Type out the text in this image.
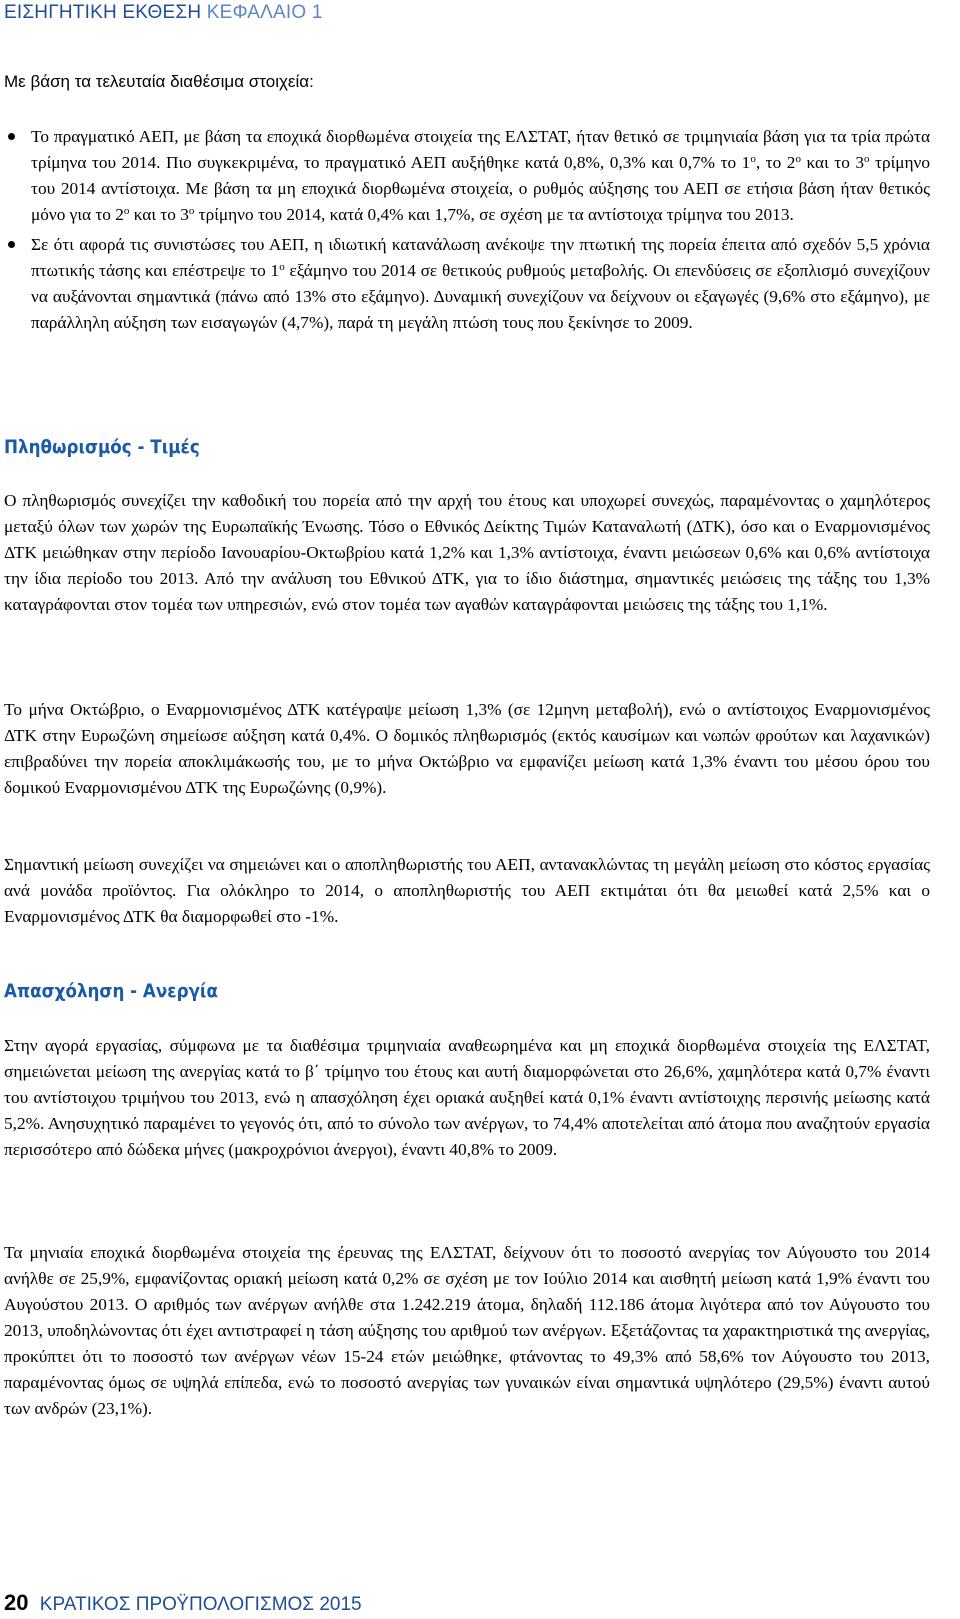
ΕΙΣΗΓΗΤΙΚΗ ΕΚΘΕΣΗ ΚΕΦΑΛΑΙΟ 1
Με βάση τα τελευταία διαθέσιμα στοιχεία:
Το πραγματικό ΑΕΠ, με βάση τα εποχικά διορθωμένα στοιχεία της ΕΛΣΤΑΤ, ήταν θετικό σε τριμηνιαία βάση για τα τρία πρώτα τρίμηνα του 2014. Πιο συγκεκριμένα, το πραγματικό ΑΕΠ αυξήθηκε κατά 0,8%, 0,3% και 0,7% το $1^o$, το $2^o$ και το $3^o$ τρίμηνο του 2014 αντίστοιχα. Με βάση τα μη εποχικά διορθωμένα στοιχεία, ο ρυθμός αύξησης του ΑΕΠ σε ετήσια βάση ήταν θετικός μόνο για το $2^o$ και το $3^o$ τρίμηνο του 2014, κατά 0,4% και 1,7%, σε σχέση με τα αντίστοιχα τρίμηνα του 2013.
Σε ότι αφορά τις συνιστώσες του ΑΕΠ, η ιδιωτική κατανάλωση ανέκοψε την πτωτική της πορεία έπειτα από σχεδόν 5,5 χρόνια πτωτικής τάσης και επέστρεψε το $1^o$ εξάμηνο του 2014 σε θετικούς ρυθμούς μεταβολής. Οι επενδύσεις σε εξοπλισμό συνεχίζουν να αυξάνονται σημαντικά (πάνω από 13% στο εξάμηνο). Δυναμική συνεχίζουν να δείχνουν οι εξαγωγές (9,6% στο εξάμηνο), με παράλληλη αύξηση των εισαγωγών (4,7%), παρά τη μεγάλη πτώση τους που ξεκίνησε το 2009.
Πληθωρισμός - Τιμές
Ο πληθωρισμός συνεχίζει την καθοδική του πορεία από την αρχή του έτους και υποχωρεί συνεχώς, παραμένοντας ο χαμηλότερος μεταξύ όλων των χωρών της Ευρωπαϊκής Ένωσης. Τόσο ο Εθνικός Δείκτης Τιμών Καταναλωτή (ΔΤΚ), όσο και ο Εναρμονισμένος ΔΤΚ μειώθηκαν στην περίοδο Ιανουαρίου-Οκτωβρίου κατά 1,2% και 1,3% αντίστοιχα, έναντι μειώσεων 0,6% και 0,6% αντίστοιχα την ίδια περίοδο του 2013. Από την ανάλυση του Εθνικού ΔΤΚ, για το ίδιο διάστημα, σημαντικές μειώσεις της τάξης του 1,3% καταγράφονται στον τομέα των υπηρεσιών, ενώ στον τομέα των αγαθών καταγράφονται μειώσεις της τάξης του 1,1%.
Το μήνα Οκτώβριο, ο Εναρμονισμένος ΔΤΚ κατέγραψε μείωση 1,3% (σε 12μηνη μεταβολή), ενώ ο αντίστοιχος Εναρμονισμένος ΔΤΚ στην Ευρωζώνη σημείωσε αύξηση κατά 0,4%. Ο δομικός πληθωρισμός (εκτός καυσίμων και νωπών φρούτων και λαχανικών) επιβραδύνει την πορεία αποκλιμάκωσής του, με το μήνα Οκτώβριο να εμφανίζει μείωση κατά 1,3% έναντι του μέσου όρου του δομικού Εναρμονισμένου ΔΤΚ της Ευρωζώνης (0,9%).
Σημαντική μείωση συνεχίζει να σημειώνει και ο αποπληθωριστής του ΑΕΠ, αντανακλώντας τη μεγάλη μείωση στο κόστος εργασίας ανά μονάδα προϊόντος. Για ολόκληρο το 2014, ο αποπληθωριστής του ΑΕΠ εκτιμάται ότι θα μειωθεί κατά 2,5% και ο Εναρμονισμένος ΔΤΚ θα διαμορφωθεί στο -1%.
Απασχόληση - Ανεργία
Στην αγορά εργασίας, σύμφωνα με τα διαθέσιμα τριμηνιαία αναθεωρημένα και μη εποχικά διορθωμένα στοιχεία της ΕΛΣΤΑΤ, σημειώνεται μείωση της ανεργίας κατά το β΄ τρίμηνο του έτους και αυτή διαμορφώνεται στο 26,6%, χαμηλότερα κατά 0,7% έναντι του αντίστοιχου τριμήνου του 2013, ενώ η απασχόληση έχει οριακά αυξηθεί κατά 0,1% έναντι αντίστοιχης περσινής μείωσης κατά 5,2%. Ανησυχητικό παραμένει το γεγονός ότι, από το σύνολο των ανέργων, το 74,4% αποτελείται από άτομα που αναζητούν εργασία περισσότερο από δώδεκα μήνες (μακροχρόνιοι άνεργοι), έναντι 40,8% το 2009.
Τα μηνιαία εποχικά διορθωμένα στοιχεία της έρευνας της ΕΛΣΤΑΤ, δείχνουν ότι το ποσοστό ανεργίας τον Αύγουστο του 2014 ανήλθε σε 25,9%, εμφανίζοντας οριακή μείωση κατά 0,2% σε σχέση με τον Ιούλιο 2014 και αισθητή μείωση κατά 1,9% έναντι του Αυγούστου 2013. Ο αριθμός των ανέργων ανήλθε στα 1.242.219 άτομα, δηλαδή 112.186 άτομα λιγότερα από τον Αύγουστο του 2013, υποδηλώνοντας ότι έχει αντιστραφεί η τάση αύξησης του αριθμού των ανέργων. Εξετάζοντας τα χαρακτηριστικά της ανεργίας, προκύπτει ότι το ποσοστό των ανέργων νέων 15-24 ετών μειώθηκε, φτάνοντας το 49,3% από 58,6% τον Αύγουστο του 2013, παραμένοντας όμως σε υψηλά επίπεδα, ενώ το ποσοστό ανεργίας των γυναικών είναι σημαντικά υψηλότερο (29,5%) έναντι αυτού των ανδρών (23,1%).
20 ΚΡΑΤΙΚΟΣ ΠΡΟΫΠΟΛΟΓΙΣΜΟΣ 2015
